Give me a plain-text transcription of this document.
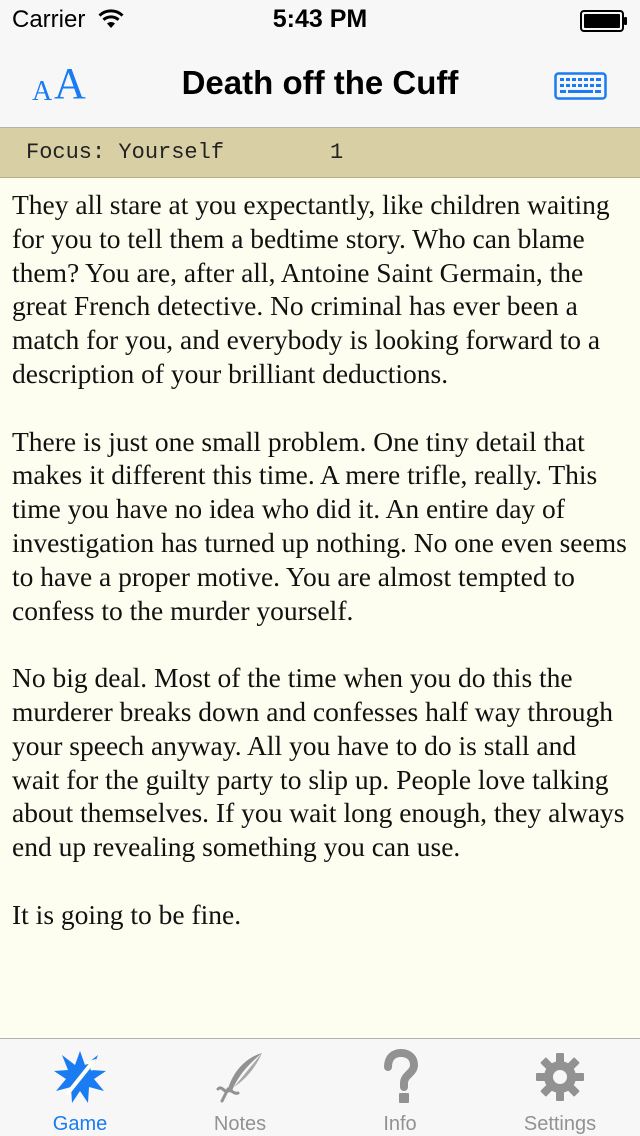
Carrier	5:43 PM
A A	Death off the Cuff
Focus: Yourself	1

They all stare at you expectantly, like children waiting for you to tell them a bedtime story. Who can blame them? You are, after all, Antoine Saint Germain, the great French detective. No criminal has ever been a match for you, and everybody is looking forward to a description of your brilliant deductions.

There is just one small problem. One tiny detail that makes it different this time. A mere trifle, really. This time you have no idea who did it. An entire day of investigation has turned up nothing. No one even seems to have a proper motive. You are almost tempted to confess to the murder yourself.

No big deal. Most of the time when you do this the murderer breaks down and confesses half way through your speech anyway. All you have to do is stall and wait for the guilty party to slip up. People love talking about themselves. If you wait long enough, they always end up revealing something you can use.

It is going to be fine.

Game	Notes	Info	Settings
